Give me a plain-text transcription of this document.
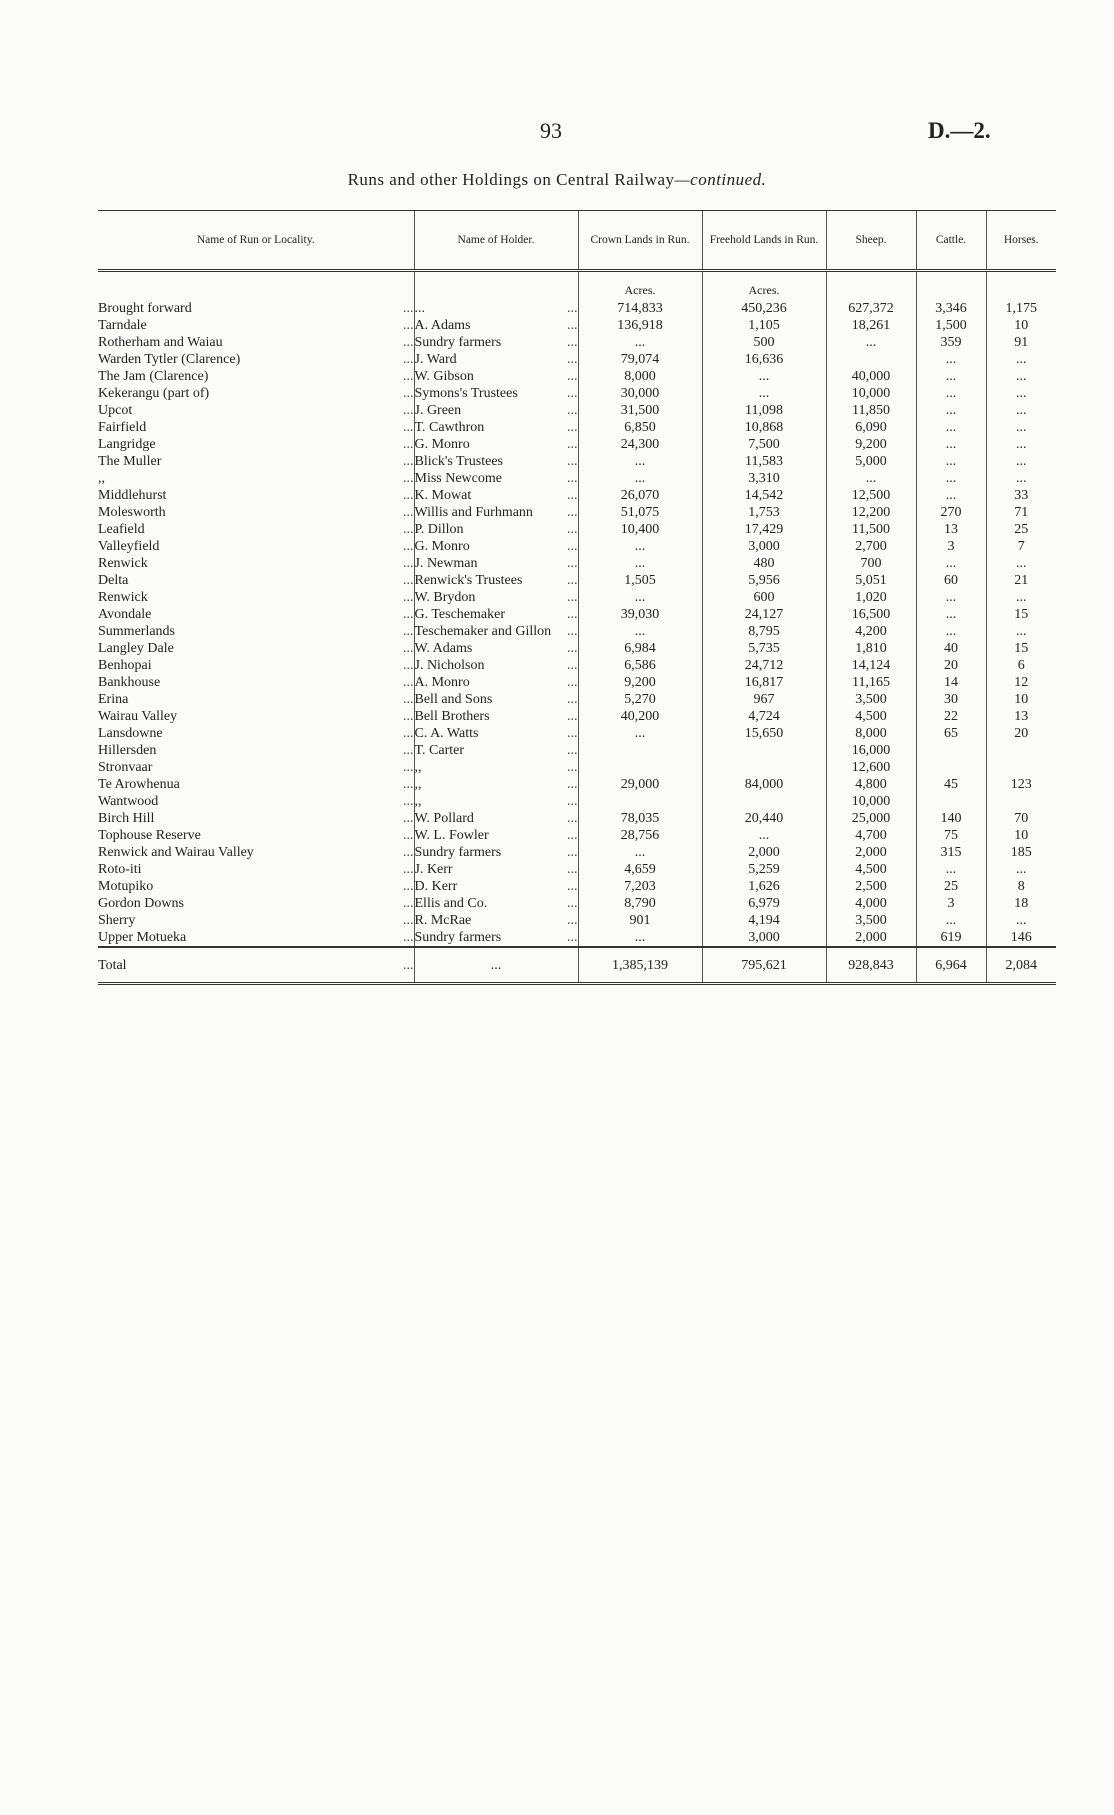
93	D.—2.
Runs and other Holdings on Central Railway—continued.
Name of Run or Locality.		Name of Holder.		Crown Lands in Run.	Freehold Lands in Run.	Sheep.	Cattle.	Horses.
				Acres.	Acres.			
Brought forward	...	...	...	714,833	450,236	627,372	3,346	1,175
Tarndale	...	A. Adams	...	136,918	1,105	18,261	1,500	10
Rotherham and Waiau	...	Sundry farmers	...	...	500	...	359	91
Warden Tytler (Clarence)	...	J. Ward	...	79,074	16,636		...	...
The Jam (Clarence)	...	W. Gibson	...	8,000	...	40,000	...	...
Kekerangu (part of)	...	Symons's Trustees	...	30,000	...	10,000	...	...
Upcot	...	J. Green	...	31,500	11,098	11,850	...	...
Fairfield	...	T. Cawthron	...	6,850	10,868	6,090	...	...
Langridge	...	G. Monro	...	24,300	7,500	9,200	...	...
The Muller	...	Blick's Trustees	...	...	11,583	5,000	...	...
,,	...	Miss Newcome	...	...	3,310	...	...	...
Middlehurst	...	K. Mowat	...	26,070	14,542	12,500	...	33
Molesworth	...	Willis and Furhmann	...	51,075	1,753	12,200	270	71
Leafield	...	P. Dillon	...	10,400	17,429	11,500	13	25
Valleyfield	...	G. Monro	...	...	3,000	2,700	3	7
Renwick	...	J. Newman	...	...	480	700	...	...
Delta	...	Renwick's Trustees	...	1,505	5,956	5,051	60	21
Renwick	...	W. Brydon	...	...	600	1,020	...	...
Avondale	...	G. Teschemaker	...	39,030	24,127	16,500	...	15
Summerlands	...	Teschemaker and Gillon	...	...	8,795	4,200	...	...
Langley Dale	...	W. Adams	...	6,984	5,735	1,810	40	15
Benhopai	...	J. Nicholson	...	6,586	24,712	14,124	20	6
Bankhouse	...	A. Monro	...	9,200	16,817	11,165	14	12
Erina	...	Bell and Sons	...	5,270	967	3,500	30	10
Wairau Valley	...	Bell Brothers	...	40,200	4,724	4,500	22	13
Lansdowne	...	C. A. Watts	...	...	15,650	8,000	65	20
Hillersden	...	T. Carter	...			16,000		
Stronvaar	...	,,	...			12,600		
Te Arowhenua	...	,,	...	29,000	84,000	4,800	45	123
Wantwood	...	,,	...			10,000		
Birch Hill	...	W. Pollard	...	78,035	20,440	25,000	140	70
Tophouse Reserve	...	W. L. Fowler	...	28,756	...	4,700	75	10
Renwick and Wairau Valley	...	Sundry farmers	...	...	2,000	2,000	315	185
Roto-iti	...	J. Kerr	...	4,659	5,259	4,500	...	...
Motupiko	...	D. Kerr	...	7,203	1,626	2,500	25	8
Gordon Downs	...	Ellis and Co.	...	8,790	6,979	4,000	3	18
Sherry	...	R. McRae	...	901	4,194	3,500	...	...
Upper Motueka	...	Sundry farmers	...	...	3,000	2,000	619	146
Total	...	...		1,385,139	795,621	928,843	6,964	2,084
